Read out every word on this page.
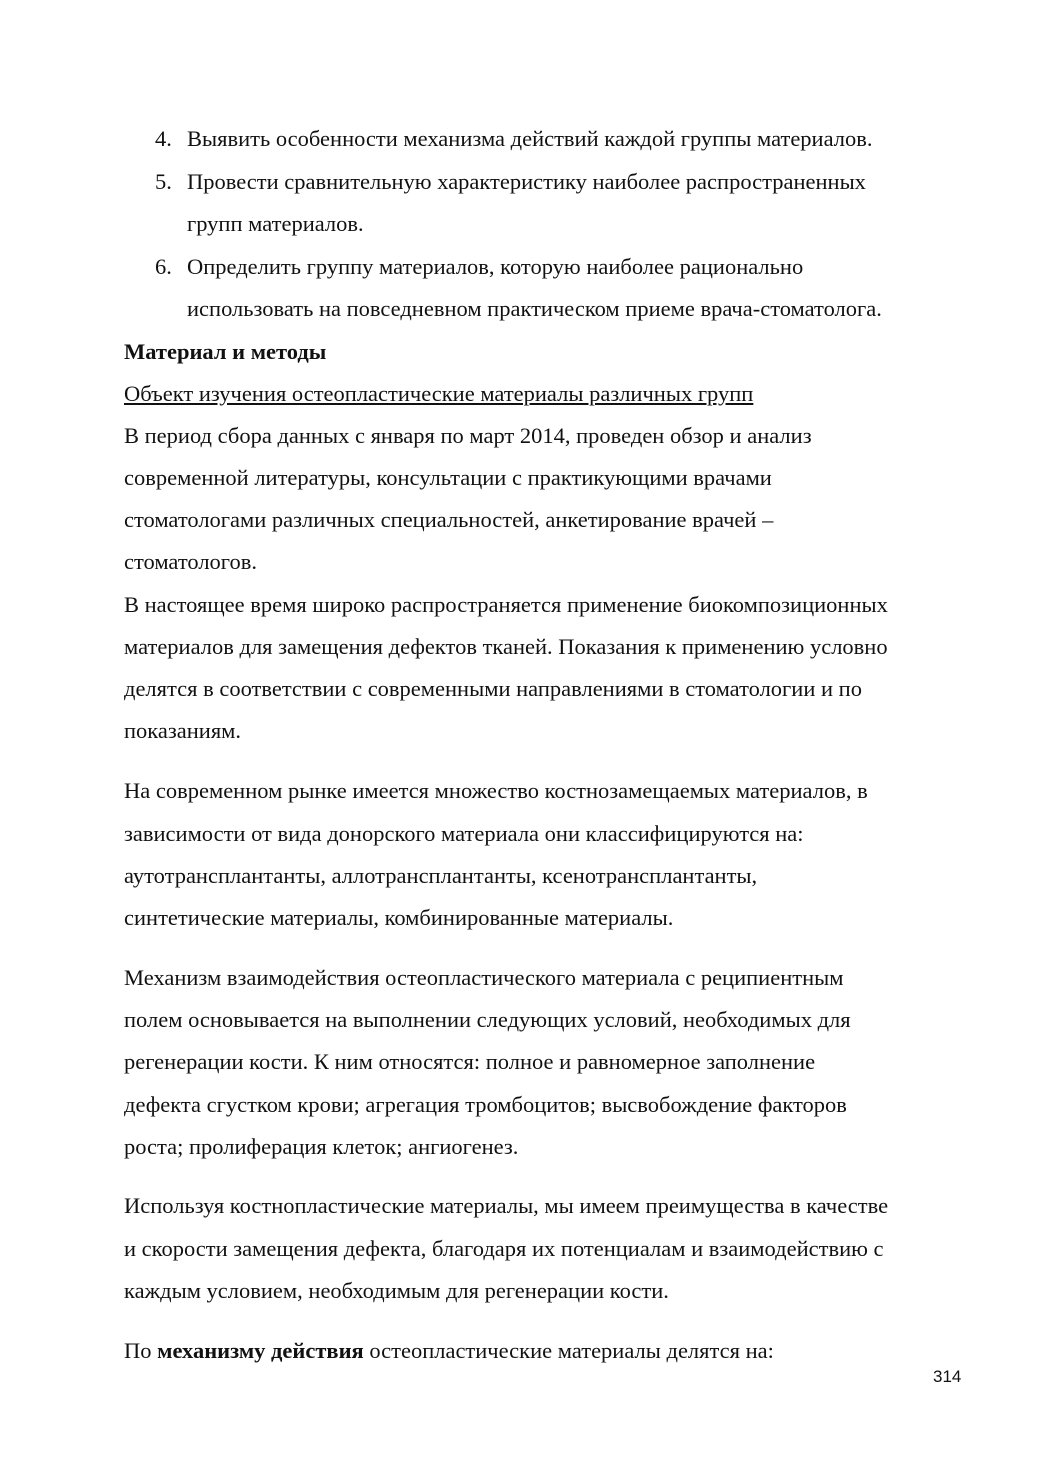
4. Выявить особенности механизма действий каждой группы материалов.
5. Провести сравнительную характеристику наиболее распространенных
групп материалов.
6. Определить группу материалов, которую наиболее рационально
использовать на повседневном практическом приеме врача-стоматолога.
Материал и методы
Объект изучения остеопластические материалы различных групп
В период сбора данных с января по март 2014, проведен обзор и анализ
современной литературы, консультации с практикующими врачами
стоматологами различных специальностей, анкетирование врачей –
стоматологов.
В настоящее время широко распространяется применение биокомпозиционных
материалов для замещения дефектов тканей. Показания к применению условно
делятся в соответствии с современными направлениями в стоматологии и по
показаниям.
На современном рынке имеется множество костнозамещаемых материалов, в
зависимости от вида донорского материала они классифицируются на:
аутотрансплантанты, аллотрансплантанты, ксенотрансплантанты,
синтетические материалы, комбинированные материалы.
Механизм взаимодействия остеопластического материала с реципиентным
полем основывается на выполнении следующих условий, необходимых для
регенерации кости. К ним относятся: полное и равномерное заполнение
дефекта сгустком крови; агрегация тромбоцитов; высвобождение факторов
роста; пролиферация клеток; ангиогенез.
Используя костнопластические материалы, мы имеем преимущества в качестве
и скорости замещения дефекта, благодаря их потенциалам и взаимодействию с
каждым условием, необходимым для регенерации кости.
По механизму действия остеопластические материалы делятся на:
314
